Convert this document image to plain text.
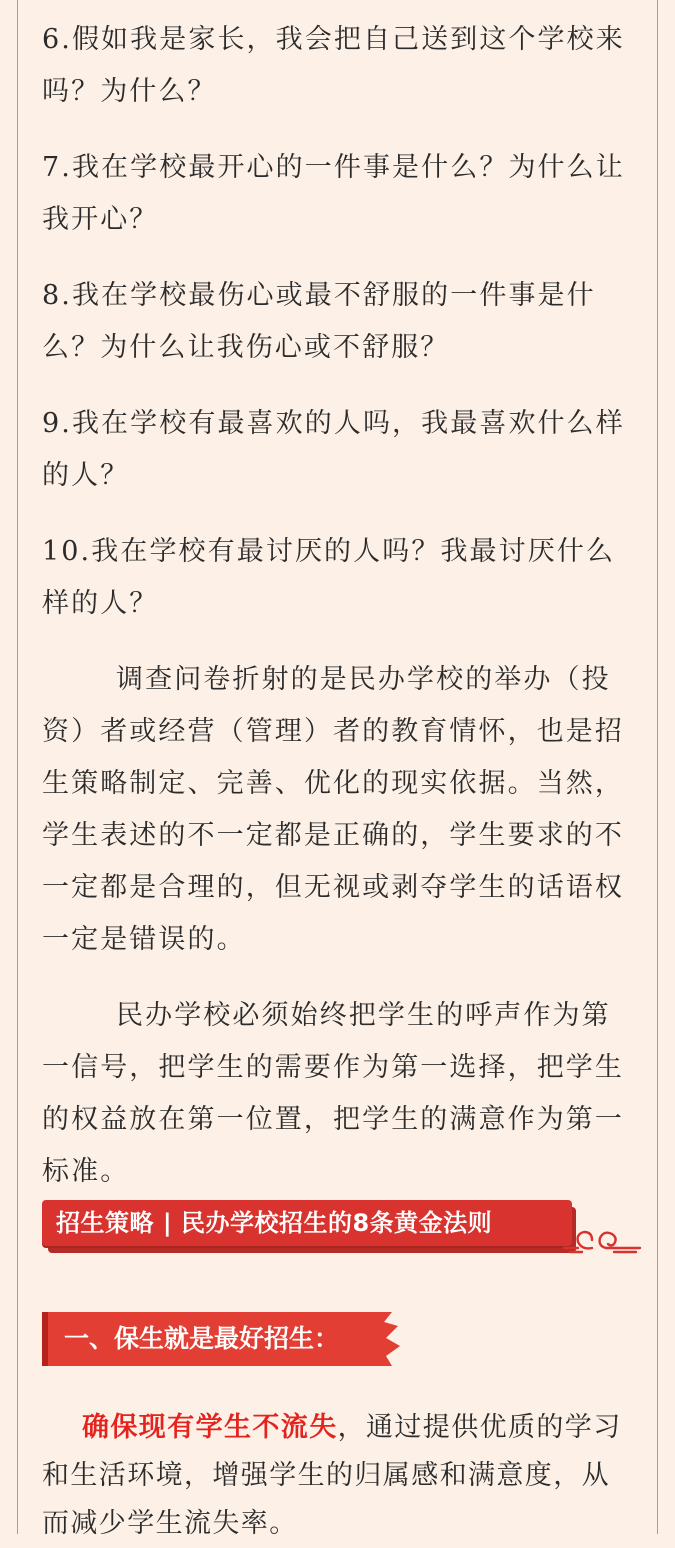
6.假如我是家长，我会把自己送到这个学校来吗？为什么？

7.我在学校最开心的一件事是什么？为什么让我开心？

8.我在学校最伤心或最不舒服的一件事是什么？为什么让我伤心或不舒服？

9.我在学校有最喜欢的人吗，我最喜欢什么样的人？

10.我在学校有最讨厌的人吗？我最讨厌什么样的人？

调查问卷折射的是民办学校的举办（投资）者或经营（管理）者的教育情怀，也是招生策略制定、完善、优化的现实依据。当然，学生表述的不一定都是正确的，学生要求的不一定都是合理的，但无视或剥夺学生的话语权一定是错误的。

民办学校必须始终把学生的呼声作为第一信号，把学生的需要作为第一选择，把学生的权益放在第一位置，把学生的满意作为第一标准。

招生策略 | 民办学校招生的8条黄金法则
一、保生就是最好招生：

确保现有学生不流失，通过提供优质的学习和生活环境，增强学生的归属感和满意度，从而减少学生流失率。
